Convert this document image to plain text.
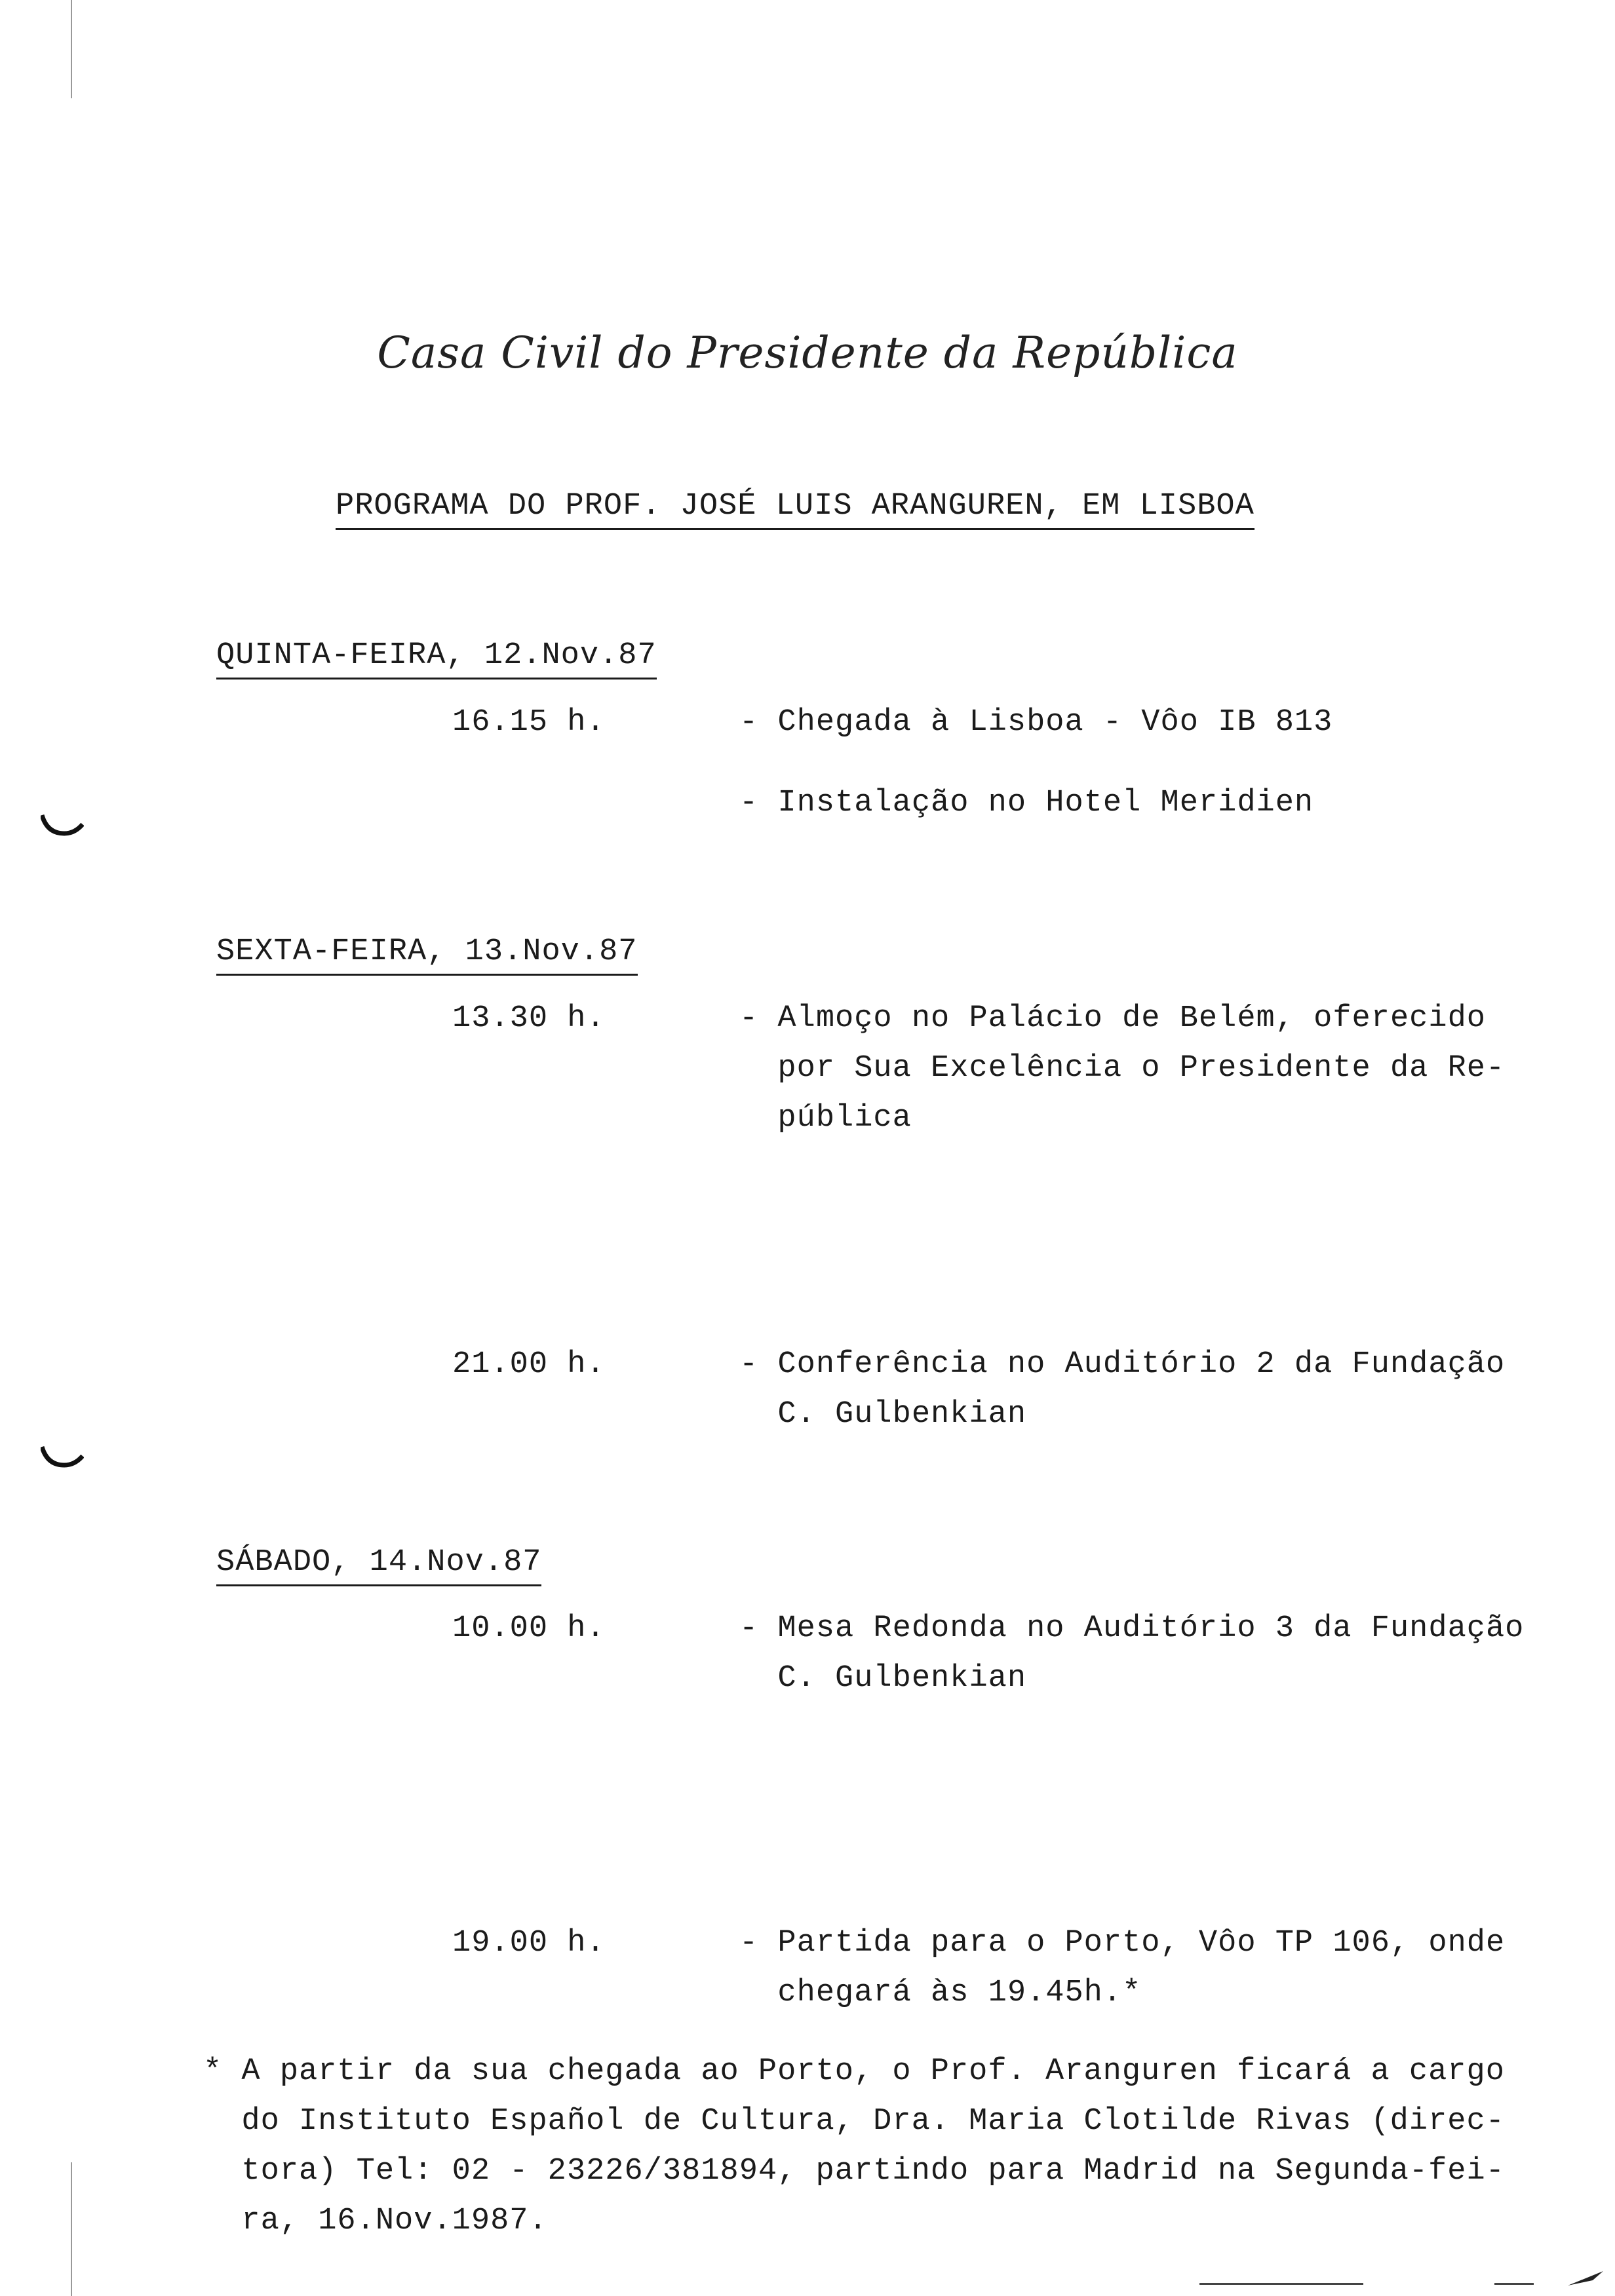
Casa Civil do Presidente da República
PROGRAMA DO PROF. JOSÉ LUIS ARANGUREN, EM LISBOA
QUINTA-FEIRA, 12.Nov.87
16.15 h.	- Chegada à Lisboa - Vôo IB 813
- Instalação no Hotel Meridien
SEXTA-FEIRA, 13.Nov.87
13.30 h.	- Almoço no Palácio de Belém, oferecido
por Sua Excelência o Presidente da Re-
pública
21.00 h.	- Conferência no Auditório 2 da Fundação
C. Gulbenkian
SÁBADO, 14.Nov.87
10.00 h.	- Mesa Redonda no Auditório 3 da Fundação
C. Gulbenkian
19.00 h.	- Partida para o Porto, Vôo TP 106, onde
chegará às 19.45h.*
* A partir da sua chegada ao Porto, o Prof. Aranguren ficará a cargo
do Instituto Español de Cultura, Dra. Maria Clotilde Rivas (direc-
tora) Tel: 02 - 23226/381894, partindo para Madrid na Segunda-fei-
ra, 16.Nov.1987.
